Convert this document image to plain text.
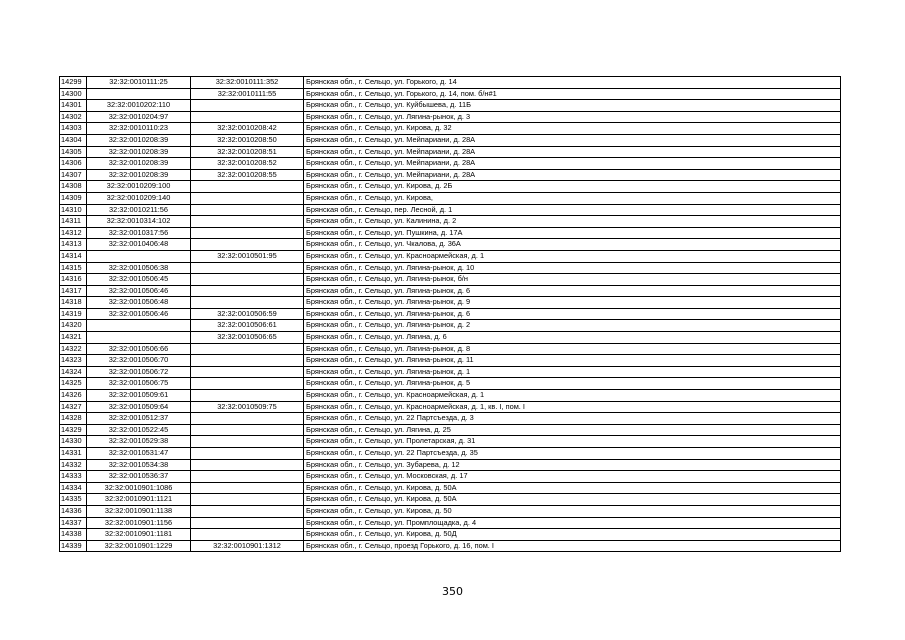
14299	32:32:0010111:25	32:32:0010111:352	Брянская обл., г. Сельцо, ул. Горького, д. 14
14300		32:32:0010111:55	Брянская обл., г. Сельцо, ул. Горького, д. 14, пом. б/н#1
14301	32:32:0010202:110		Брянская обл., г. Сельцо, ул. Куйбышева, д. 11Б
14302	32:32:0010204:97		Брянская обл., г. Сельцо, ул. Лягина-рынок, д. 3
14303	32:32:0010110:23	32:32:0010208:42	Брянская обл., г. Сельцо, ул. Кирова, д. 32
14304	32:32:0010208:39	32:32:0010208:50	Брянская обл., г. Сельцо, ул. Мейпариани, д. 28А
14305	32:32:0010208:39	32:32:0010208:51	Брянская обл., г. Сельцо, ул. Мейпариани, д. 28А
14306	32:32:0010208:39	32:32:0010208:52	Брянская обл., г. Сельцо, ул. Мейпариани, д. 28А
14307	32:32:0010208:39	32:32:0010208:55	Брянская обл., г. Сельцо, ул. Мейпариани, д. 28А
14308	32:32:0010209:100		Брянская обл., г. Сельцо, ул. Кирова, д. 2Б
14309	32:32:0010209:140		Брянская обл., г. Сельцо, ул. Кирова,
14310	32:32:0010211:56		Брянская обл., г. Сельцо, пер. Лесной, д. 1
14311	32:32:0010314:102		Брянская обл., г. Сельцо, ул. Калинина, д. 2
14312	32:32:0010317:56		Брянская обл., г. Сельцо, ул. Пушкина, д. 17А
14313	32:32:0010406:48		Брянская обл., г. Сельцо, ул. Чкалова, д. 36А
14314		32:32:0010501:95	Брянская обл., г. Сельцо, ул. Красноармейская, д. 1
14315	32:32:0010506:38		Брянская обл., г. Сельцо, ул. Лягина-рынок, д. 10
14316	32:32:0010506:45		Брянская обл., г. Сельцо, ул. Лягина-рынок, б/н
14317	32:32:0010506:46		Брянская обл., г. Сельцо, ул. Лягина-рынок, д. 6
14318	32:32:0010506:48		Брянская обл., г. Сельцо, ул. Лягина-рынок, д. 9
14319	32:32:0010506:46	32:32:0010506:59	Брянская обл., г. Сельцо, ул. Лягина-рынок, д. 6
14320		32:32:0010506:61	Брянская обл., г. Сельцо, ул. Лягина-рынок, д. 2
14321		32:32:0010506:65	Брянская обл., г. Сельцо, ул. Лягина, д. 6
14322	32:32:0010506:66		Брянская обл., г. Сельцо, ул. Лягина-рынок, д. 8
14323	32:32:0010506:70		Брянская обл., г. Сельцо, ул. Лягина-рынок, д. 11
14324	32:32:0010506:72		Брянская обл., г. Сельцо, ул. Лягина-рынок, д. 1
14325	32:32:0010506:75		Брянская обл., г. Сельцо, ул. Лягина-рынок, д. 5
14326	32:32:0010509:61		Брянская обл., г. Сельцо, ул. Красноармейская, д. 1
14327	32:32:0010509:64	32:32:0010509:75	Брянская обл., г. Сельцо, ул. Красноармейская, д. 1, кв. I, пом. I
14328	32:32:0010512:37		Брянская обл., г. Сельцо, ул. 22 Партсъезда, д. 3
14329	32:32:0010522:45		Брянская обл., г. Сельцо, ул. Лягина, д. 25
14330	32:32:0010529:38		Брянская обл., г. Сельцо, ул. Пролетарская, д. 31
14331	32:32:0010531:47		Брянская обл., г. Сельцо, ул. 22 Партсъезда, д. 35
14332	32:32:0010534:38		Брянская обл., г. Сельцо, ул. Зубарева, д. 12
14333	32:32:0010536:37		Брянская обл., г. Сельцо, ул. Московская, д. 17
14334	32:32:0010901:1086		Брянская обл., г. Сельцо, ул. Кирова, д. 50А
14335	32:32:0010901:1121		Брянская обл., г. Сельцо, ул. Кирова, д. 50А
14336	32:32:0010901:1138		Брянская обл., г. Сельцо, ул. Кирова, д. 50
14337	32:32:0010901:1156		Брянская обл., г. Сельцо, ул. Промплощадка, д. 4
14338	32:32:0010901:1181		Брянская обл., г. Сельцо, ул. Кирова, д. 50Д
14339	32:32:0010901:1229	32:32:0010901:1312	Брянская обл., г. Сельцо, проезд Горького, д. 16, пом. I
350
